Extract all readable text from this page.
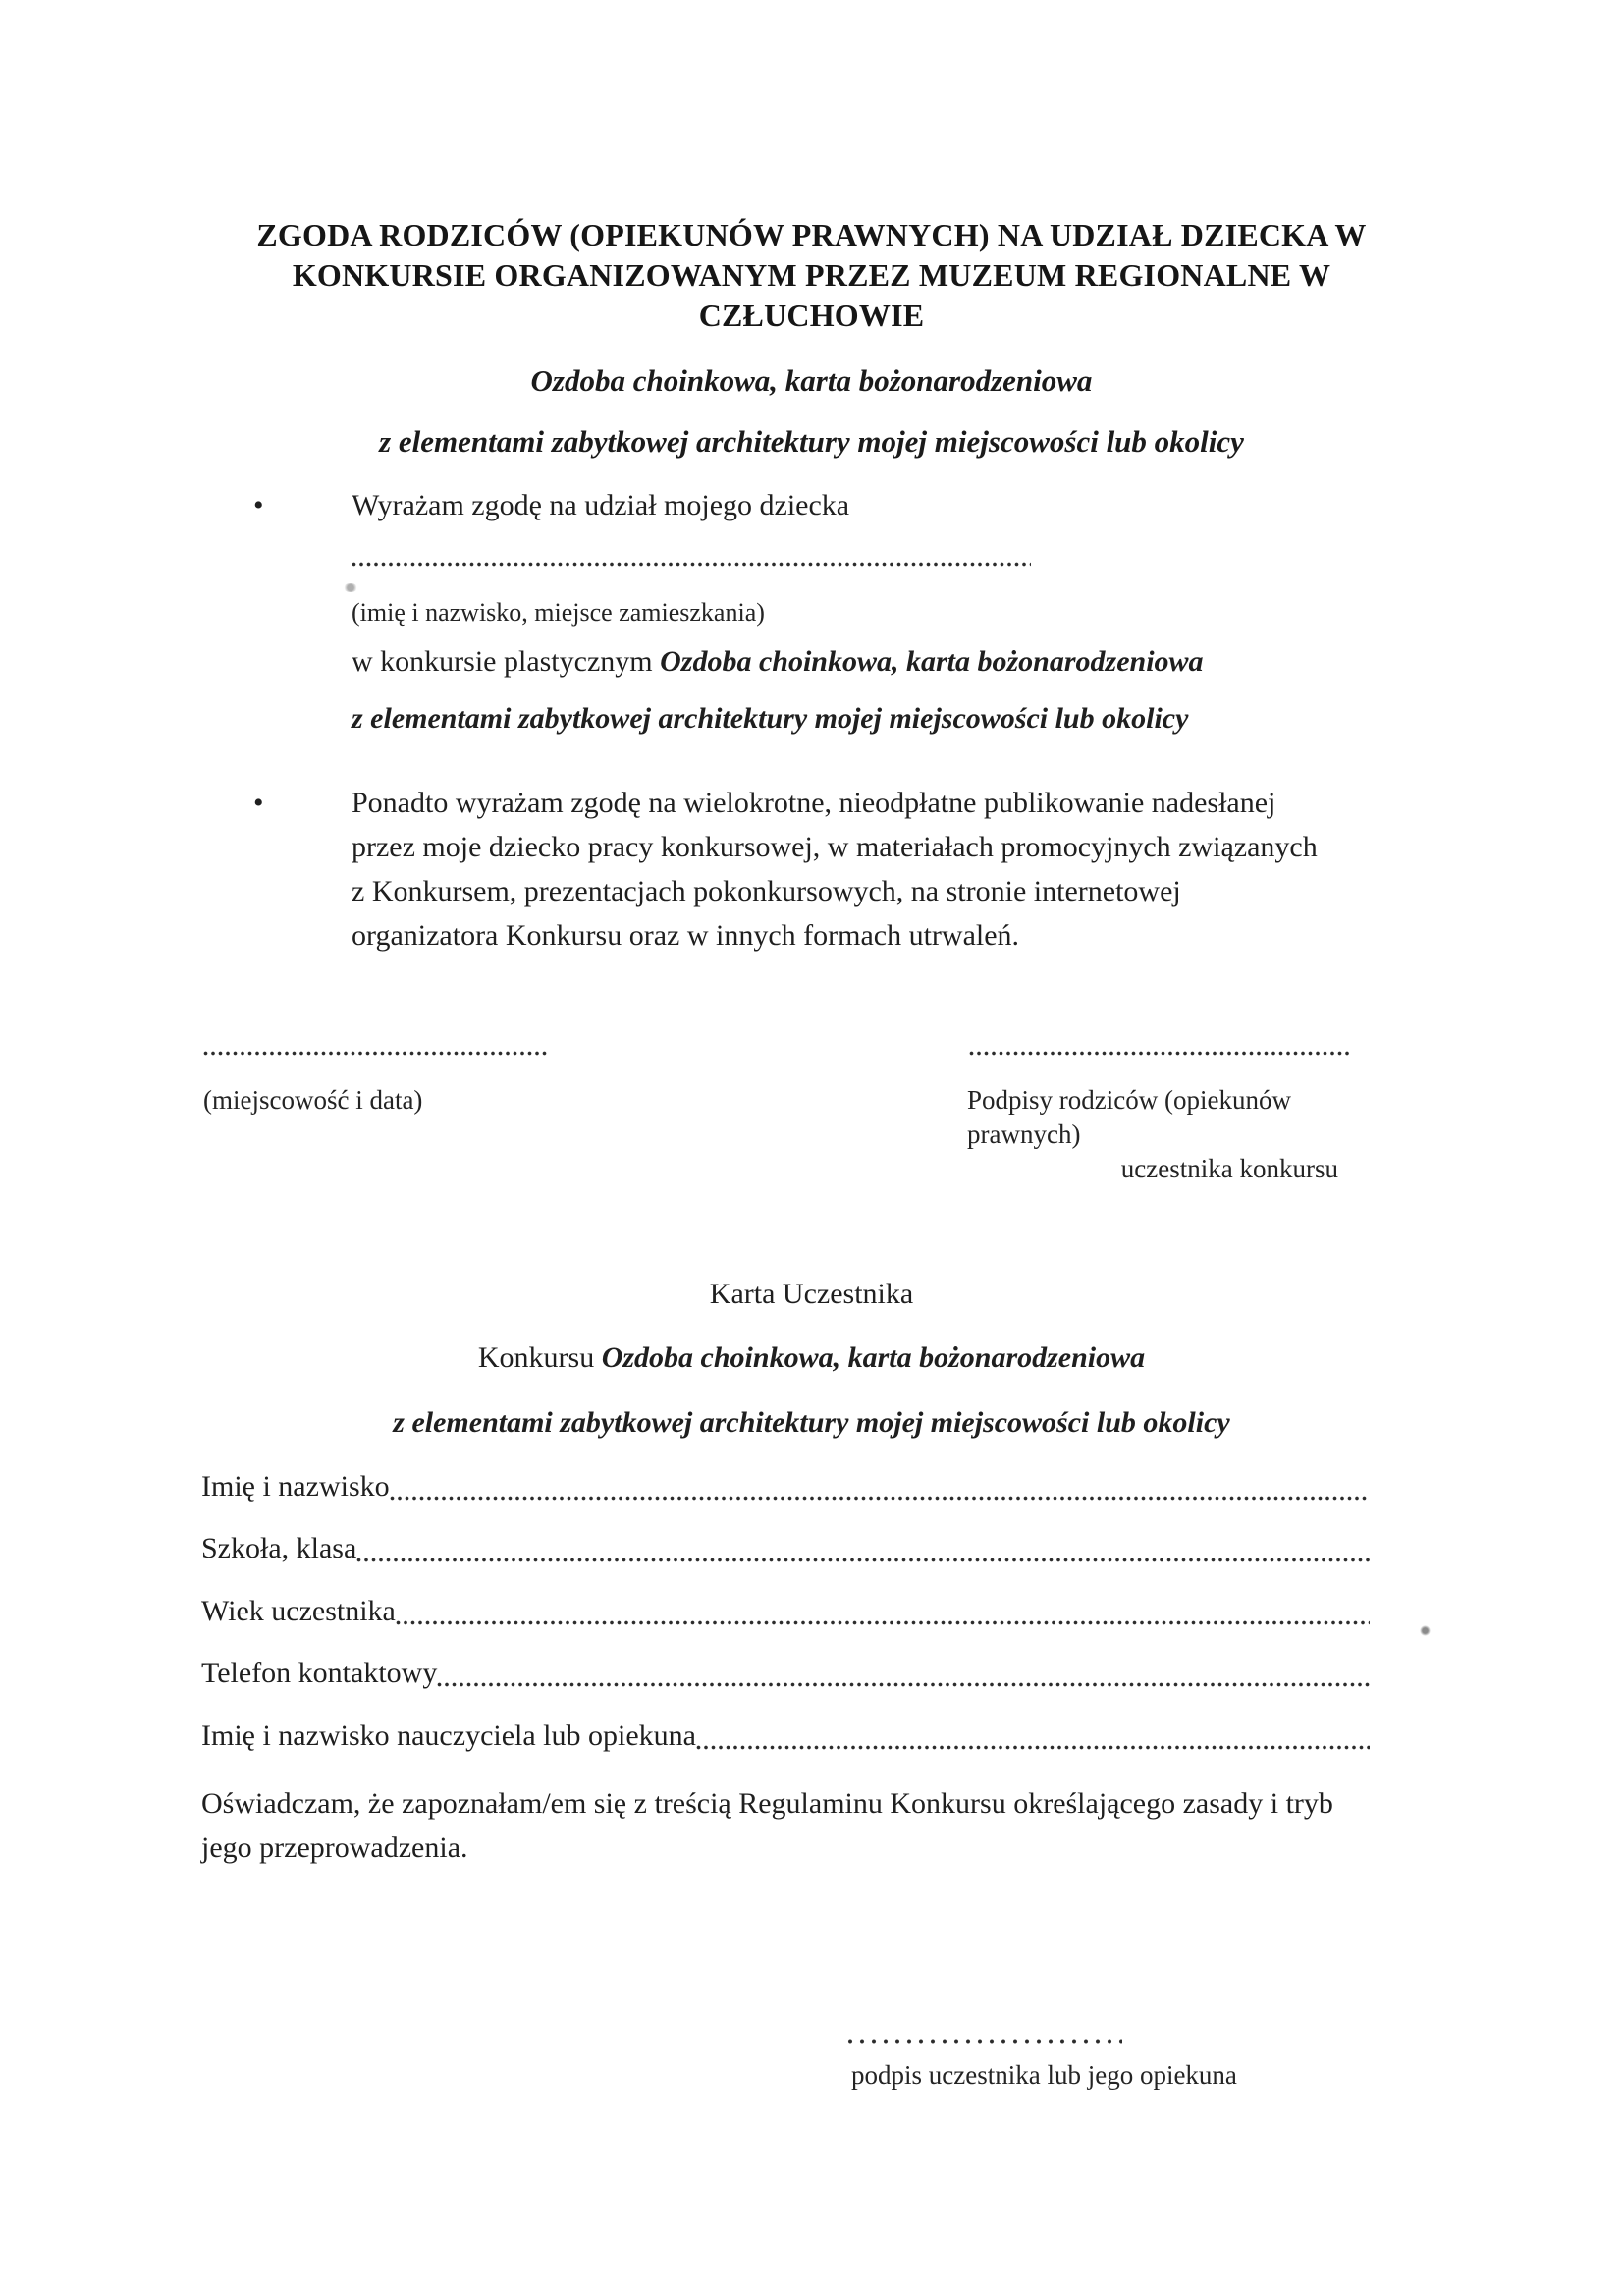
ZGODA RODZICÓW (OPIEKUNÓW PRAWNYCH) NA UDZIAŁ DZIECKA W
KONKURSIE ORGANIZOWANYM PRZEZ MUZEUM REGIONALNE W
CZŁUCHOWIE
Ozdoba choinkowa, karta bożonarodzeniowa
z elementami zabytkowej architektury mojej miejscowości lub okolicy
•	Wyrażam zgodę na udział mojego dziecka
(imię i nazwisko, miejsce zamieszkania)
w konkursie plastycznym Ozdoba choinkowa, karta bożonarodzeniowa
z elementami zabytkowej architektury mojej miejscowości lub okolicy
•	Ponadto wyrażam zgodę na wielokrotne, nieodpłatne publikowanie nadesłanej
przez moje dziecko pracy konkursowej, w materiałach promocyjnych związanych
z Konkursem, prezentacjach pokonkursowych, na stronie internetowej
organizatora Konkursu oraz w innych formach utrwaleń.
(miejscowość i data)	Podpisy rodziców (opiekunów prawnych)
uczestnika konkursu
Karta Uczestnika
Konkursu Ozdoba choinkowa, karta bożonarodzeniowa
z elementami zabytkowej architektury mojej miejscowości lub okolicy
Imię i nazwisko
Szkoła, klasa
Wiek uczestnika
Telefon kontaktowy
Imię i nazwisko nauczyciela lub opiekuna
Oświadczam, że zapoznałam/em się z treścią Regulaminu Konkursu określającego zasady i tryb
jego przeprowadzenia.
podpis uczestnika lub jego opiekuna
